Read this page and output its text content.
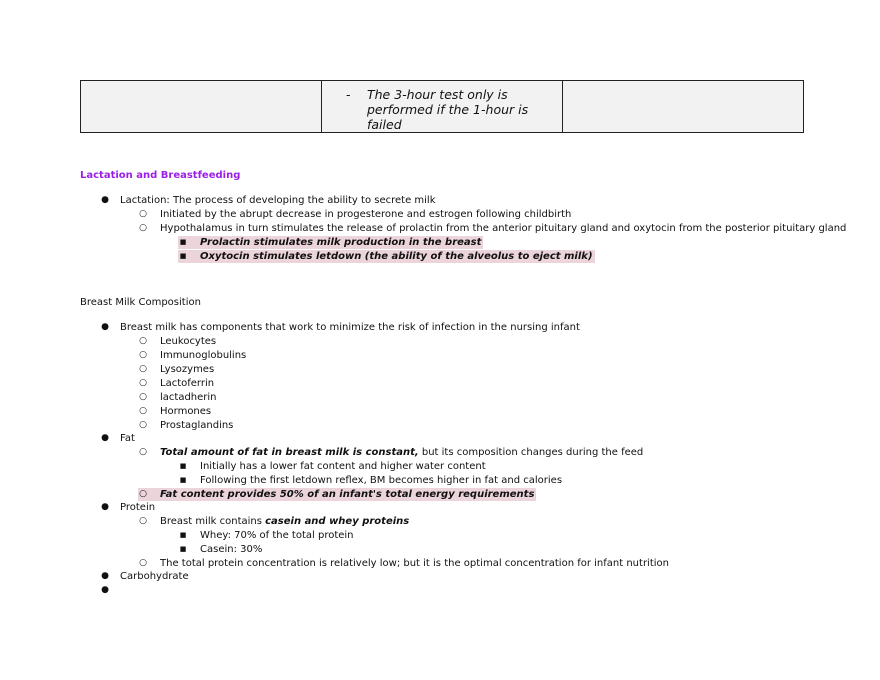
- The 3-hour test only is performed if the 1-hour is failed

Lactation and Breastfeeding
● Lactation: The process of developing the ability to secrete milk
○ Initiated by the abrupt decrease in progesterone and estrogen following childbirth
○ Hypothalamus in turn stimulates the release of prolactin from the anterior pituitary gland and oxytocin from the posterior pituitary gland
■ Prolactin stimulates milk production in the breast
■ Oxytocin stimulates letdown (the ability of the alveolus to eject milk)
Breast Milk Composition
● Breast milk has components that work to minimize the risk of infection in the nursing infant
○ Leukocytes
○ Immunoglobulins
○ Lysozymes
○ Lactoferrin
○ lactadherin
○ Hormones
○ Prostaglandins
● Fat
○ Total amount of fat in breast milk is constant, but its composition changes during the feed
■ Initially has a lower fat content and higher water content
■ Following the first letdown reflex, BM becomes higher in fat and calories
○ Fat content provides 50% of an infant's total energy requirements
● Protein
○ Breast milk contains casein and whey proteins
■ Whey: 70% of the total protein
■ Casein: 30%
○ The total protein concentration is relatively low; but it is the optimal concentration for infant nutrition
● Carbohydrate
●
